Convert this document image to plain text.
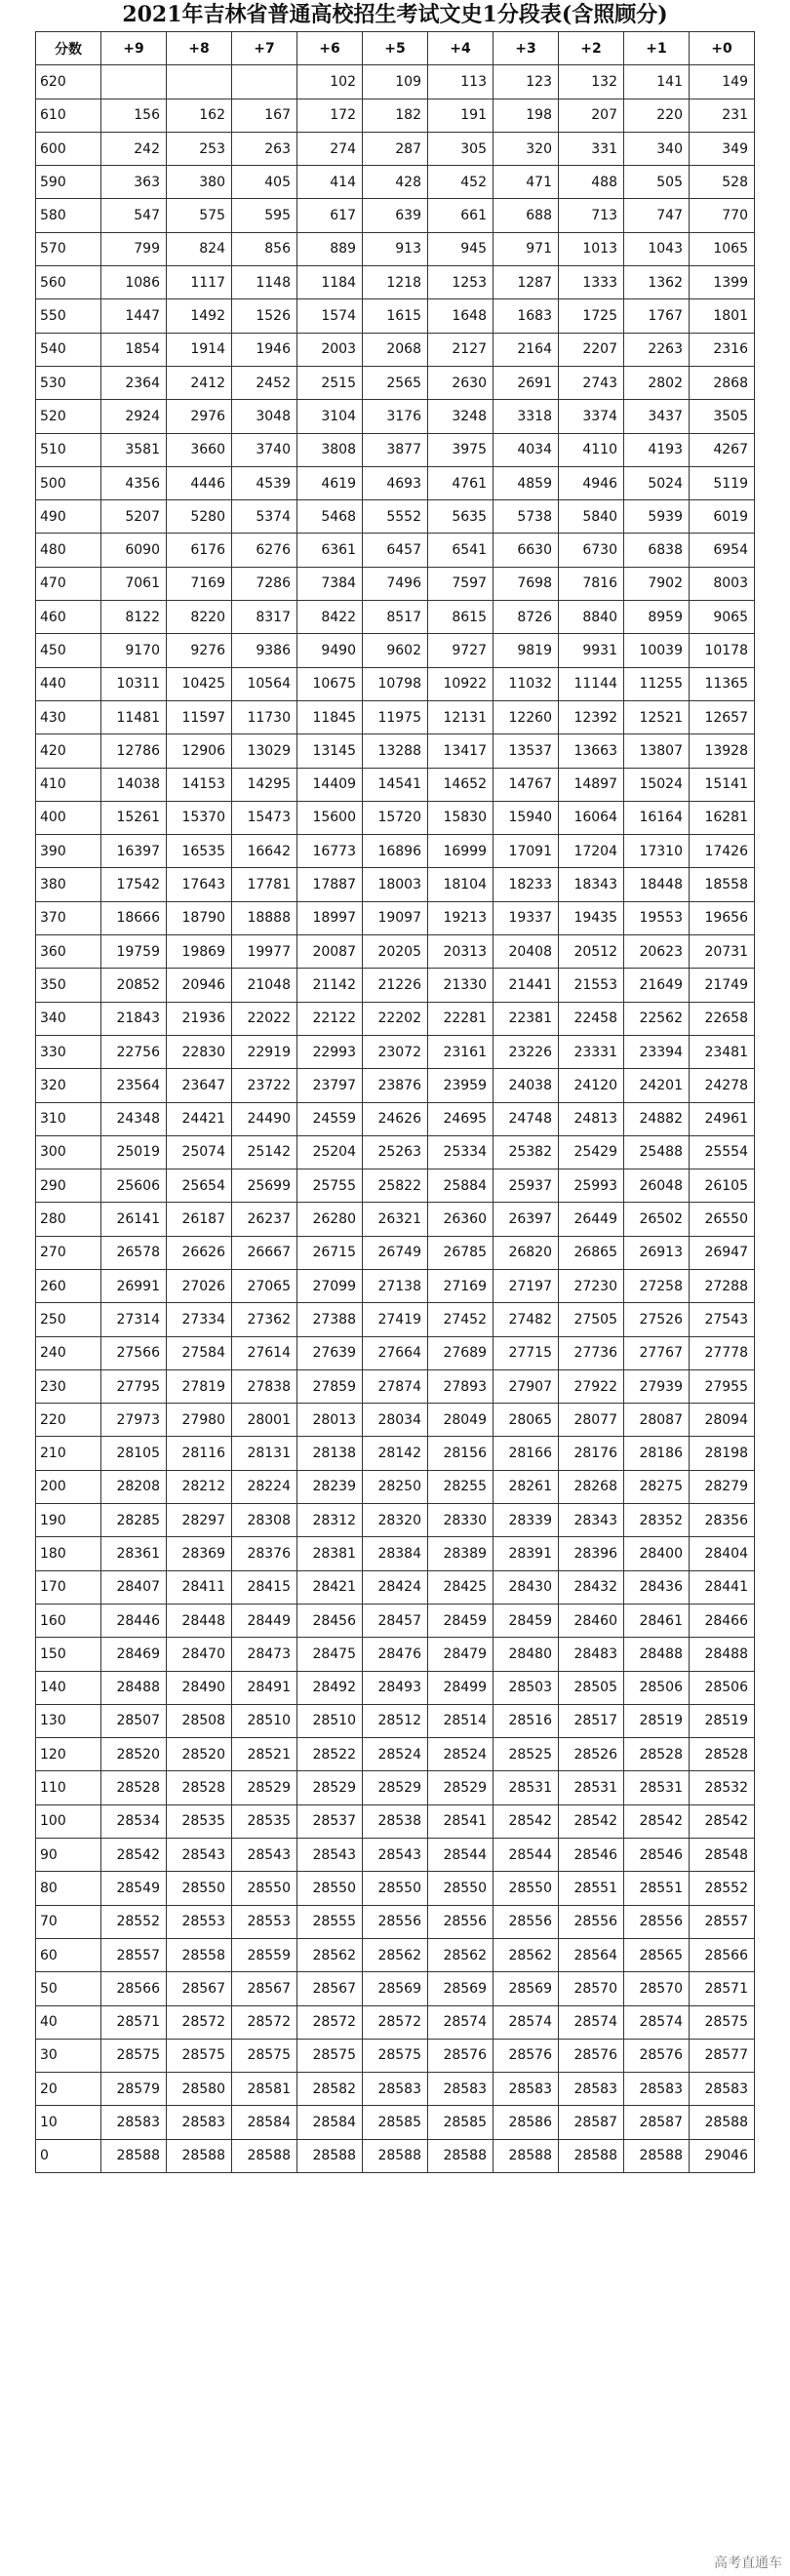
2021年吉林省普通高校招生考试文史1分段表(含照顾分)
分数	+9	+8	+7	+6	+5	+4	+3	+2	+1	+0
620				102	109	113	123	132	141	149
610	156	162	167	172	182	191	198	207	220	231
600	242	253	263	274	287	305	320	331	340	349
590	363	380	405	414	428	452	471	488	505	528
580	547	575	595	617	639	661	688	713	747	770
570	799	824	856	889	913	945	971	1013	1043	1065
560	1086	1117	1148	1184	1218	1253	1287	1333	1362	1399
550	1447	1492	1526	1574	1615	1648	1683	1725	1767	1801
540	1854	1914	1946	2003	2068	2127	2164	2207	2263	2316
530	2364	2412	2452	2515	2565	2630	2691	2743	2802	2868
520	2924	2976	3048	3104	3176	3248	3318	3374	3437	3505
510	3581	3660	3740	3808	3877	3975	4034	4110	4193	4267
500	4356	4446	4539	4619	4693	4761	4859	4946	5024	5119
490	5207	5280	5374	5468	5552	5635	5738	5840	5939	6019
480	6090	6176	6276	6361	6457	6541	6630	6730	6838	6954
470	7061	7169	7286	7384	7496	7597	7698	7816	7902	8003
460	8122	8220	8317	8422	8517	8615	8726	8840	8959	9065
450	9170	9276	9386	9490	9602	9727	9819	9931	10039	10178
440	10311	10425	10564	10675	10798	10922	11032	11144	11255	11365
430	11481	11597	11730	11845	11975	12131	12260	12392	12521	12657
420	12786	12906	13029	13145	13288	13417	13537	13663	13807	13928
410	14038	14153	14295	14409	14541	14652	14767	14897	15024	15141
400	15261	15370	15473	15600	15720	15830	15940	16064	16164	16281
390	16397	16535	16642	16773	16896	16999	17091	17204	17310	17426
380	17542	17643	17781	17887	18003	18104	18233	18343	18448	18558
370	18666	18790	18888	18997	19097	19213	19337	19435	19553	19656
360	19759	19869	19977	20087	20205	20313	20408	20512	20623	20731
350	20852	20946	21048	21142	21226	21330	21441	21553	21649	21749
340	21843	21936	22022	22122	22202	22281	22381	22458	22562	22658
330	22756	22830	22919	22993	23072	23161	23226	23331	23394	23481
320	23564	23647	23722	23797	23876	23959	24038	24120	24201	24278
310	24348	24421	24490	24559	24626	24695	24748	24813	24882	24961
300	25019	25074	25142	25204	25263	25334	25382	25429	25488	25554
290	25606	25654	25699	25755	25822	25884	25937	25993	26048	26105
280	26141	26187	26237	26280	26321	26360	26397	26449	26502	26550
270	26578	26626	26667	26715	26749	26785	26820	26865	26913	26947
260	26991	27026	27065	27099	27138	27169	27197	27230	27258	27288
250	27314	27334	27362	27388	27419	27452	27482	27505	27526	27543
240	27566	27584	27614	27639	27664	27689	27715	27736	27767	27778
230	27795	27819	27838	27859	27874	27893	27907	27922	27939	27955
220	27973	27980	28001	28013	28034	28049	28065	28077	28087	28094
210	28105	28116	28131	28138	28142	28156	28166	28176	28186	28198
200	28208	28212	28224	28239	28250	28255	28261	28268	28275	28279
190	28285	28297	28308	28312	28320	28330	28339	28343	28352	28356
180	28361	28369	28376	28381	28384	28389	28391	28396	28400	28404
170	28407	28411	28415	28421	28424	28425	28430	28432	28436	28441
160	28446	28448	28449	28456	28457	28459	28459	28460	28461	28466
150	28469	28470	28473	28475	28476	28479	28480	28483	28488	28488
140	28488	28490	28491	28492	28493	28499	28503	28505	28506	28506
130	28507	28508	28510	28510	28512	28514	28516	28517	28519	28519
120	28520	28520	28521	28522	28524	28524	28525	28526	28528	28528
110	28528	28528	28529	28529	28529	28529	28531	28531	28531	28532
100	28534	28535	28535	28537	28538	28541	28542	28542	28542	28542
90	28542	28543	28543	28543	28543	28544	28544	28546	28546	28548
80	28549	28550	28550	28550	28550	28550	28550	28551	28551	28552
70	28552	28553	28553	28555	28556	28556	28556	28556	28556	28557
60	28557	28558	28559	28562	28562	28562	28562	28564	28565	28566
50	28566	28567	28567	28567	28569	28569	28569	28570	28570	28571
40	28571	28572	28572	28572	28572	28574	28574	28574	28574	28575
30	28575	28575	28575	28575	28575	28576	28576	28576	28576	28577
20	28579	28580	28581	28582	28583	28583	28583	28583	28583	28583
10	28583	28583	28584	28584	28585	28585	28586	28587	28587	28588
0	28588	28588	28588	28588	28588	28588	28588	28588	28588	29046
高考直通车
